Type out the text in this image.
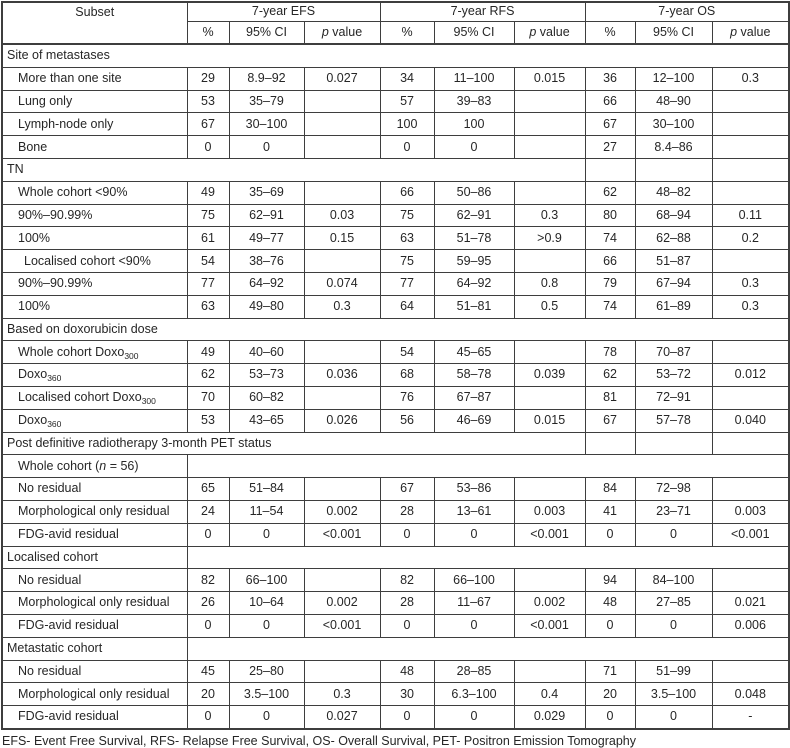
Subset	7-year EFS			7-year RFS			7-year OS		
	%	95% CI	p value	%	95% CI	p value	%	95% CI	p value
Site of metastases									
More than one site	29	8.9–92	0.027	34	11–100	0.015	36	12–100	0.3
Lung only	53	35–79		57	39–83		66	48–90	
Lymph-node only	67	30–100		100	100		67	30–100	
Bone	0	0		0	0		27	8.4–86	
TN									
Whole cohort <90%	49	35–69		66	50–86		62	48–82	
90%–90.99%	75	62–91	0.03	75	62–91	0.3	80	68–94	0.11
100%	61	49–77	0.15	63	51–78	>0.9	74	62–88	0.2
Localised cohort <90%	54	38–76		75	59–95		66	51–87	
90%–90.99%	77	64–92	0.074	77	64–92	0.8	79	67–94	0.3
100%	63	49–80	0.3	64	51–81	0.5	74	61–89	0.3
Based on doxorubicin dose									
Whole cohort Doxo$_{300}$	49	40–60		54	45–65		78	70–87	
Doxo$_{360}$	62	53–73	0.036	68	58–78	0.039	62	53–72	0.012
Localised cohort Doxo$_{300}$	70	60–82		76	67–87		81	72–91	
Doxo$_{360}$	53	43–65	0.026	56	46–69	0.015	67	57–78	0.040
Post definitive radiotherapy 3-month PET status									
Whole cohort (n = 56)									
No residual	65	51–84		67	53–86		84	72–98	
Morphological only residual	24	11–54	0.002	28	13–61	0.003	41	23–71	0.003
FDG-avid residual	0	0	<0.001	0	0	<0.001	0	0	<0.001
Localised cohort									
No residual	82	66–100		82	66–100		94	84–100	
Morphological only residual	26	10–64	0.002	28	11–67	0.002	48	27–85	0.021
FDG-avid residual	0	0	<0.001	0	0	<0.001	0	0	0.006
Metastatic cohort									
No residual	45	25–80		48	28–85		71	51–99	
Morphological only residual	20	3.5–100	0.3	30	6.3–100	0.4	20	3.5–100	0.048
FDG-avid residual	0	0	0.027	0	0	0.029	0	0	-
EFS- Event Free Survival, RFS- Relapse Free Survival, OS- Overall Survival, PET- Positron Emission Tomography
